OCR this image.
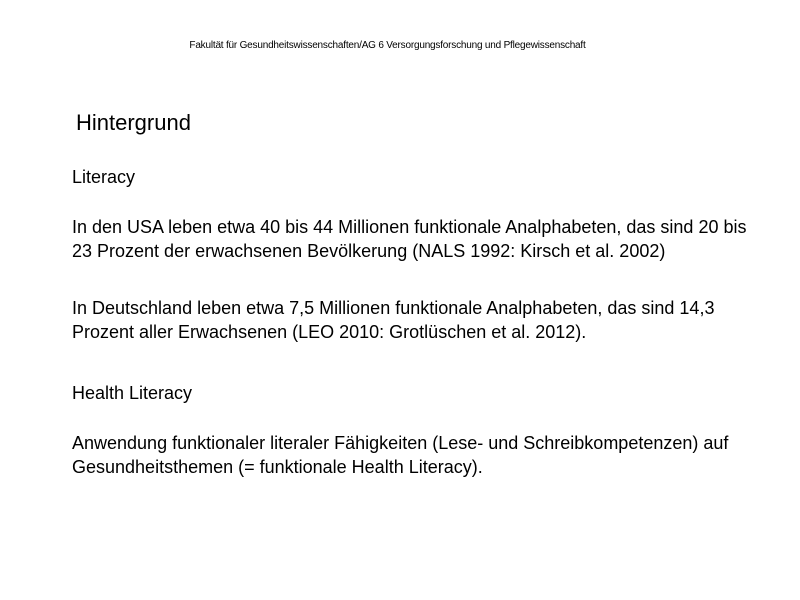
Fakultät für Gesundheitswissenschaften/AG 6 Versorgungsforschung und Pflegewissenschaft
Hintergrund
Literacy

In den USA leben etwa 40 bis 44 Millionen funktionale Analphabeten, das sind 20 bis 23 Prozent der erwachsenen Bevölkerung (NALS 1992: Kirsch et al. 2002)

In Deutschland leben etwa 7,5 Millionen funktionale Analphabeten, das sind 14,3 Prozent aller Erwachsenen (LEO 2010: Grotlüschen et al. 2012).

Health Literacy

Anwendung funktionaler literaler Fähigkeiten (Lese- und Schreibkompetenzen) auf Gesundheitsthemen (= funktionale Health Literacy).
